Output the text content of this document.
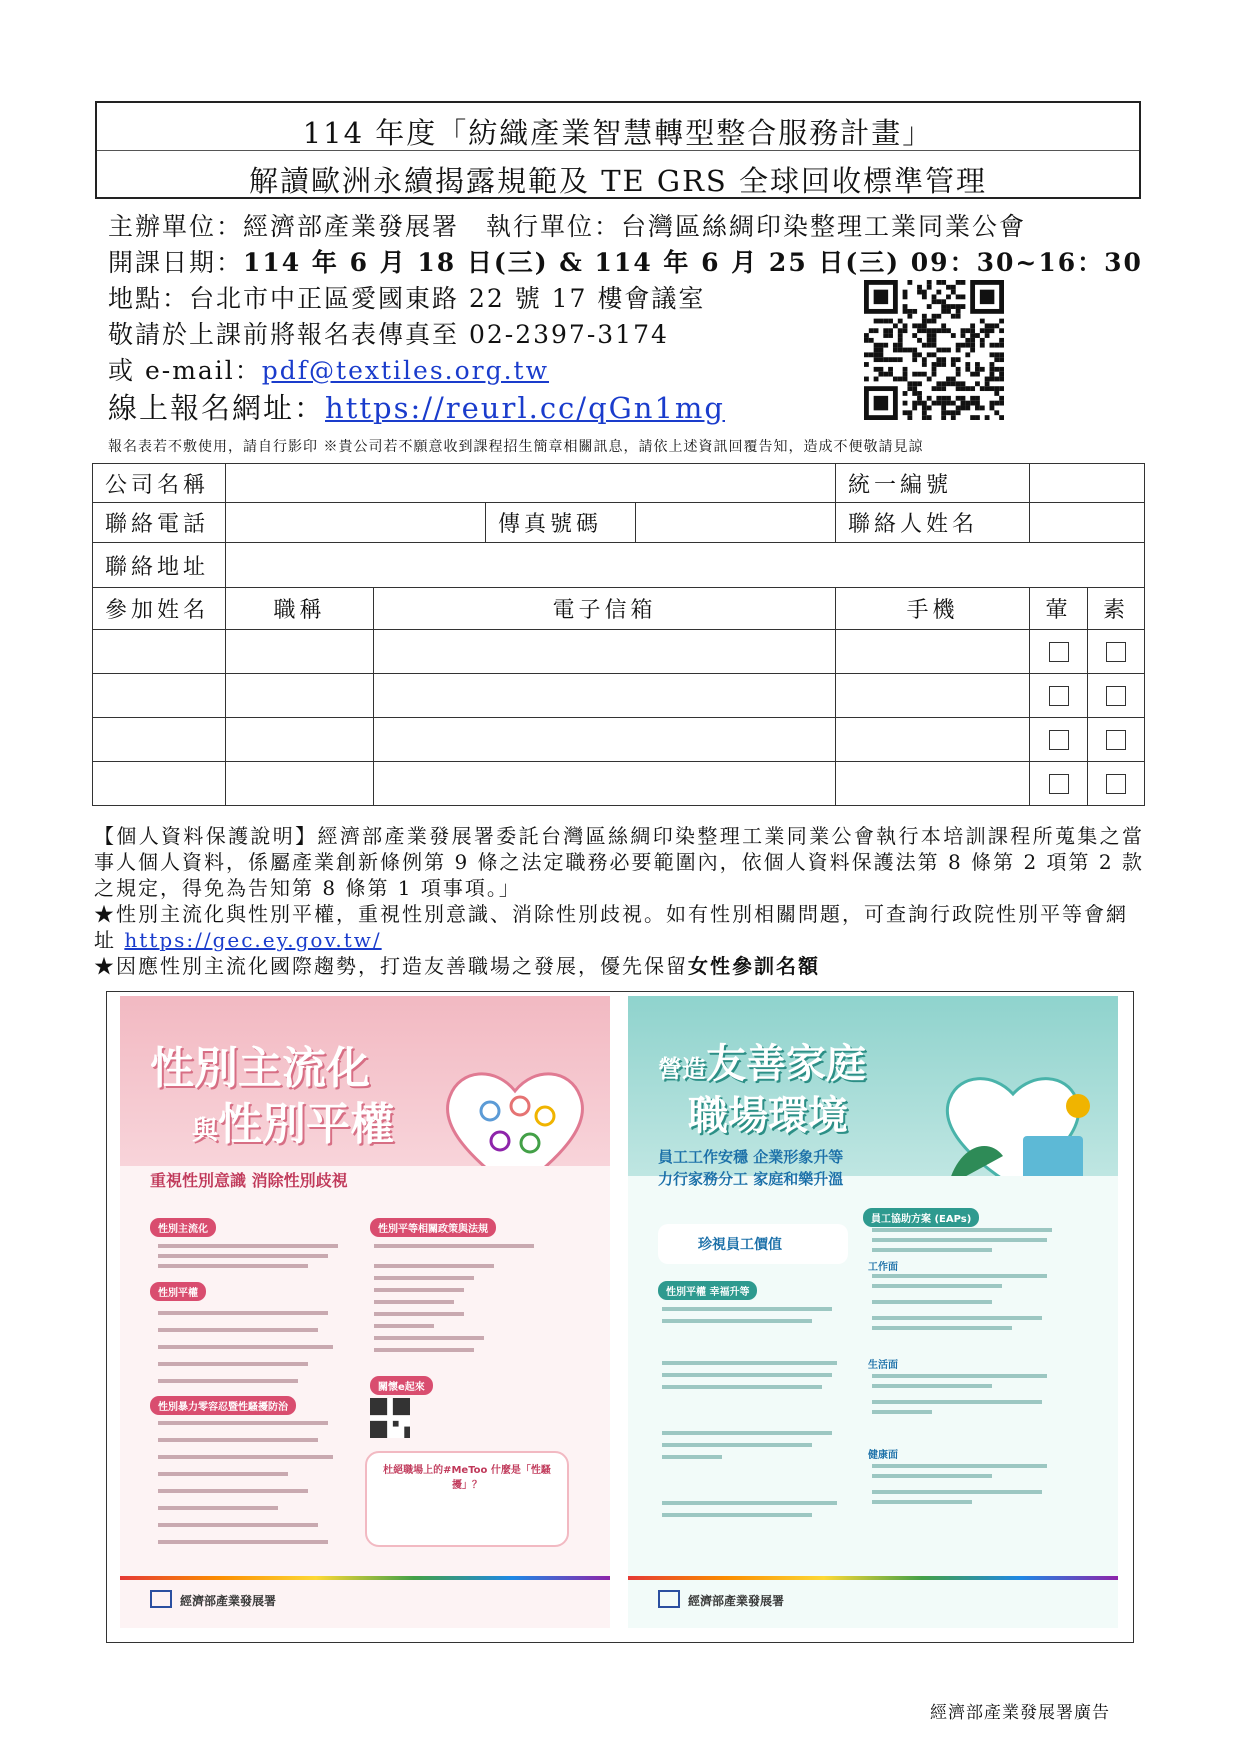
114 年度「紡織產業智慧轉型整合服務計畫」
解讀歐洲永續揭露規範及 TE GRS 全球回收標準管理
主辦單位：經濟部產業發展署　執行單位：台灣區絲綢印染整理工業同業公會
開課日期：114 年 6 月 18 日(三) & 114 年 6 月 25 日(三) 09：30~16：30
地點：台北市中正區愛國東路 22 號 17 樓會議室
敬請於上課前將報名表傳真至 02-2397-3174
或 e-mail：pdf@textiles.org.tw
線上報名網址：https://reurl.cc/qGn1mg
報名表若不敷使用，請自行影印 ※貴公司若不願意收到課程招生簡章相關訊息，請依上述資訊回覆告知，造成不便敬請見諒
公司名稱					統一編號		
聯絡電話			傳真號碼		聯絡人姓名		
聯絡地址							
參加姓名	職稱	電子信箱			手機	葷	素

【個人資料保護說明】經濟部產業發展署委託台灣區絲綢印染整理工業同業公會執行本培訓課程所蒐集之當事人個人資料，係屬產業創新條例第 9 條之法定職務必要範圍內，依個人資料保護法第 8 條第 2 項第 2 款之規定，得免為告知第 8 條第 1 項事項。」
★性別主流化與性別平權，重視性別意識、消除性別歧視。如有性別相關問題，可查詢行政院性別平等會網址 https://gec.ey.gov.tw/
★因應性別主流化國際趨勢，打造友善職場之發展，優先保留女性參訓名額
性別主流化
與性別平權
重視性別意識 消除性別歧視
性別主流化
性別平權
性別暴力零容忍暨性騷擾防治
性別平等相關政策與法規
關懷e起來
杜絕職場上的#MeToo 什麼是「性騷擾」？
經濟部產業發展署
營造友善家庭
職場環境
員工工作安穩 企業形象升等
力行家務分工 家庭和樂升溫
珍視員工價值
性別平權 幸福升等
員工協助方案 (EAPs)
工作面
生活面
健康面
經濟部產業發展署
經濟部產業發展署廣告
